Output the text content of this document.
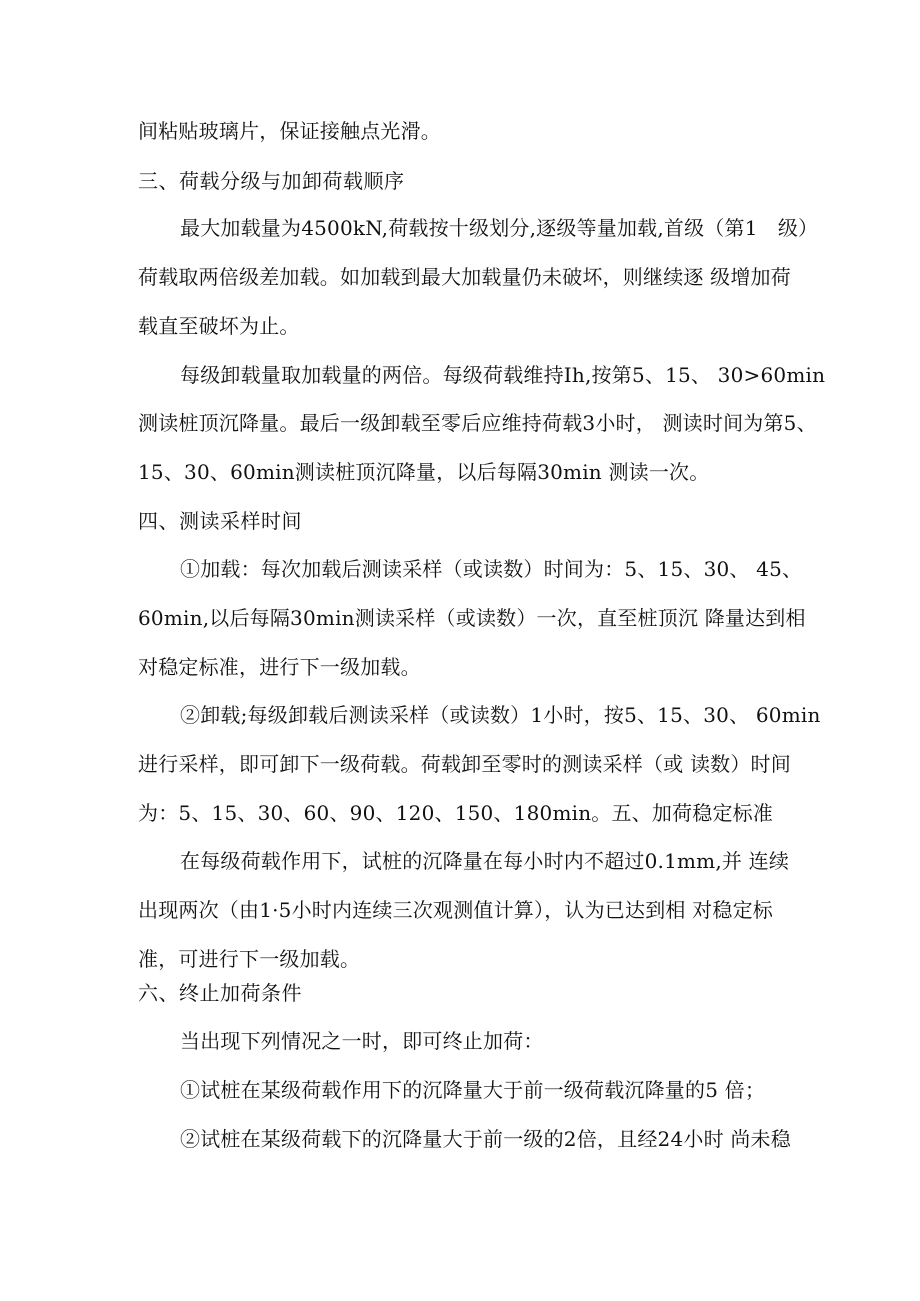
间粘贴玻璃片，保证接触点光滑。
三、荷载分级与加卸荷载顺序
最大加载量为4500kN,荷载按十级划分,逐级等量加载,首级（第1　级）
荷载取两倍级差加载。如加载到最大加载量仍未破坏，则继续逐 级增加荷
载直至破坏为止。
每级卸载量取加载量的两倍。每级荷载维持Ih,按第5、15、 30>60min
测读桩顶沉降量。最后一级卸载至零后应维持荷载3小时， 测读时间为第5、
15、30、60min测读桩顶沉降量，以后每隔30min 测读一次。
四、测读采样时间
①加载：每次加载后测读采样（或读数）时间为：5、15、30、 45、
60min,以后每隔30min测读采样（或读数）一次，直至桩顶沉 降量达到相
对稳定标准，进行下一级加载。
②卸载;每级卸载后测读采样（或读数）1小时，按5、15、30、 60min
进行采样，即可卸下一级荷载。荷载卸至零时的测读采样（或 读数）时间
为：5、15、30、60、90、120、150、180min。五、加荷稳定标准
在每级荷载作用下，试桩的沉降量在每小时内不超过0.1mm,并 连续
出现两次（由1·5小时内连续三次观测值计算），认为已达到相 对稳定标
准，可进行下一级加载。
六、终止加荷条件
当出现下列情况之一时，即可终止加荷：
①试桩在某级荷载作用下的沉降量大于前一级荷载沉降量的5 倍；
②试桩在某级荷载下的沉降量大于前一级的2倍，且经24小时 尚未稳
